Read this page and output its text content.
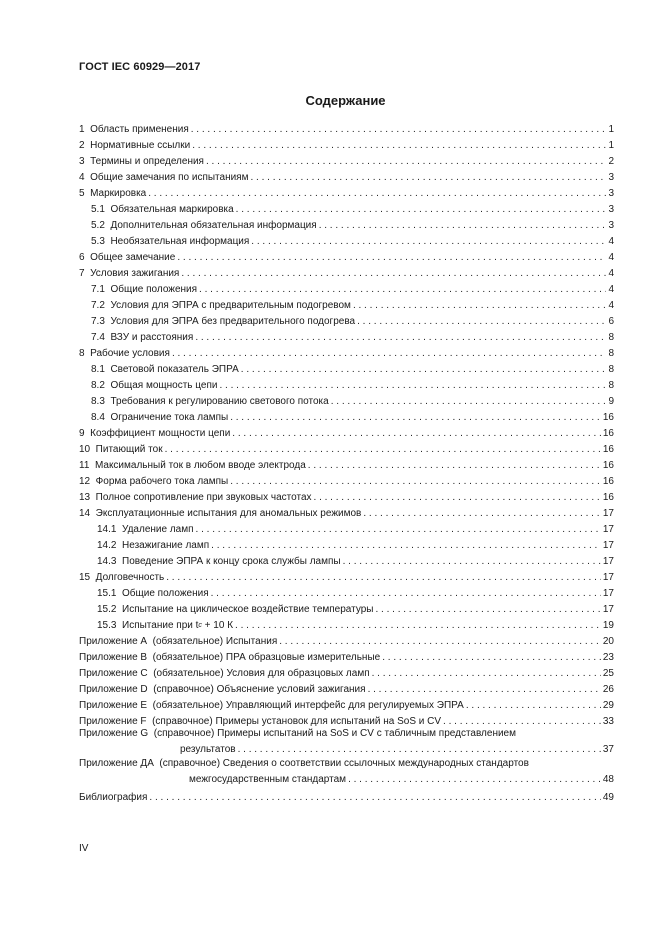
ГОСТ IEC 60929—2017
Содержание
1  Область применения . . .	1
2  Нормативные ссылки . . .	1
3  Термины и определения . . .	2
4  Общие замечания по испытаниям . . .	3
5  Маркировка . . .	3
5.1  Обязательная маркировка . . .	3
5.2  Дополнительная обязательная информация . . .	3
5.3  Необязательная информация . . .	4
6  Общее замечание . . .	4
7  Условия зажигания . . .	4
7.1  Общие положения . . .	4
7.2  Условия для ЭПРА с предварительным подогревом . . .	4
7.3  Условия для ЭПРА без предварительного подогрева . . .	6
7.4  ВЗУ и расстояния . . .	8
8  Рабочие условия . . .	8
8.1  Световой показатель ЭПРА . . .	8
8.2  Общая мощность цепи . . .	8
8.3  Требования к регулированию светового потока . . .	9
8.4  Ограничение тока лампы . . .	16
9  Коэффициент мощности цепи . . .	16
10  Питающий ток . . .	16
11  Максимальный ток в любом вводе электрода . . .	16
12  Форма рабочего тока лампы . . .	16
13  Полное сопротивление при звуковых частотах . . .	16
14  Эксплуатационные испытания для аномальных режимов . . .	17
14.1  Удаление ламп . . .	17
14.2  Незажигание ламп . . .	17
14.3  Поведение ЭПРА к концу срока службы лампы . . .	17
15  Долговечность . . .	17
15.1  Общие положения . . .	17
15.2  Испытание на циклическое воздействие температуры . . .	17
15.3  Испытание при t c + 10 К . . .	19
Приложение А  (обязательное) Испытания . . .	20
Приложение В  (обязательное) ПРА образцовые измерительные . . .	23
Приложение С  (обязательное) Условия для образцовых ламп . . .	25
Приложение D  (справочное) Объяснение условий зажигания . . .	26
Приложение Е  (обязательное) Управляющий интерфейс для регулируемых ЭПРА . . .	29
Приложение F  (справочное) Примеры установок для испытаний на SoS и CV . . .	33
Приложение G  (справочное) Примеры испытаний на SoS и CV с табличным представлением
результатов . . .	37
Приложение ДА  (справочное) Сведения о соответствии ссылочных международных стандартов
межгосударственным стандартам . . .	48
Библиография . . .	49
IV
